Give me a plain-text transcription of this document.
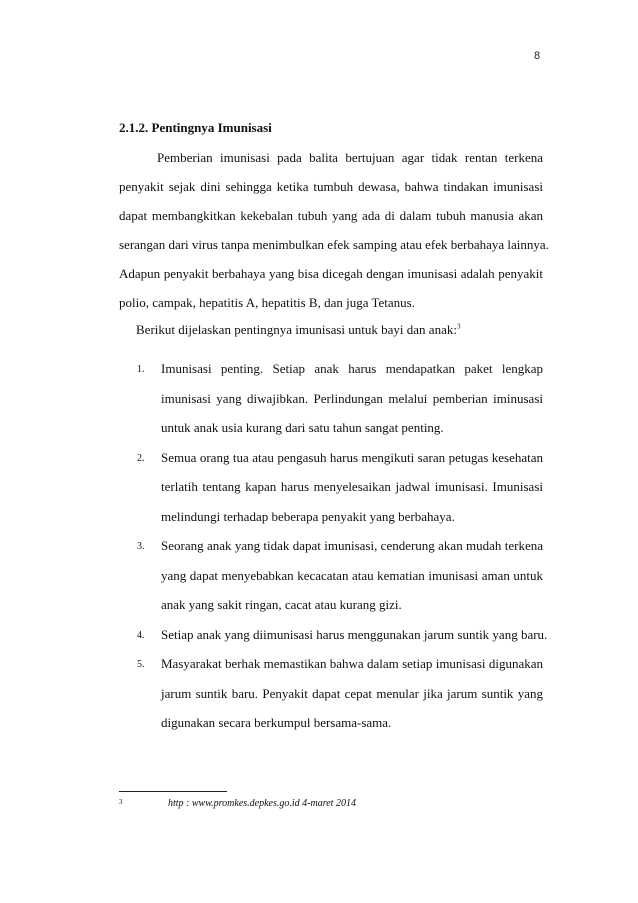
8
2.1.2. Pentingnya Imunisasi
Pemberian imunisasi pada balita bertujuan agar tidak rentan terkena
penyakit sejak dini sehingga ketika tumbuh dewasa, bahwa tindakan imunisasi
dapat membangkitkan kekebalan tubuh yang ada di dalam tubuh manusia akan
serangan dari virus tanpa menimbulkan efek samping atau efek berbahaya lainnya.
Adapun penyakit berbahaya yang bisa dicegah dengan imunisasi adalah penyakit
polio, campak, hepatitis A, hepatitis B, dan juga Tetanus.
Berikut dijelaskan pentingnya imunisasi untuk bayi dan anak:$^3$
1. Imunisasi penting. Setiap anak harus mendapatkan paket lengkap
imunisasi yang diwajibkan. Perlindungan melalui pemberian iminusasi
untuk anak usia kurang dari satu tahun sangat penting.
2. Semua orang tua atau pengasuh harus mengikuti saran petugas kesehatan
terlatih tentang kapan harus menyelesaikan jadwal imunisasi. Imunisasi
melindungi terhadap beberapa penyakit yang berbahaya.
3. Seorang anak yang tidak dapat imunisasi, cenderung akan mudah terkena
yang dapat menyebabkan kecacatan atau kematian imunisasi aman untuk
anak yang sakit ringan, cacat atau kurang gizi.
4. Setiap anak yang diimunisasi harus menggunakan jarum suntik yang baru.
5. Masyarakat berhak memastikan bahwa dalam setiap imunisasi digunakan
jarum suntik baru. Penyakit dapat cepat menular jika jarum suntik yang
digunakan secara berkumpul bersama-sama.
$^3$	http : www.promkes.depkes.go.id 4-maret 2014
